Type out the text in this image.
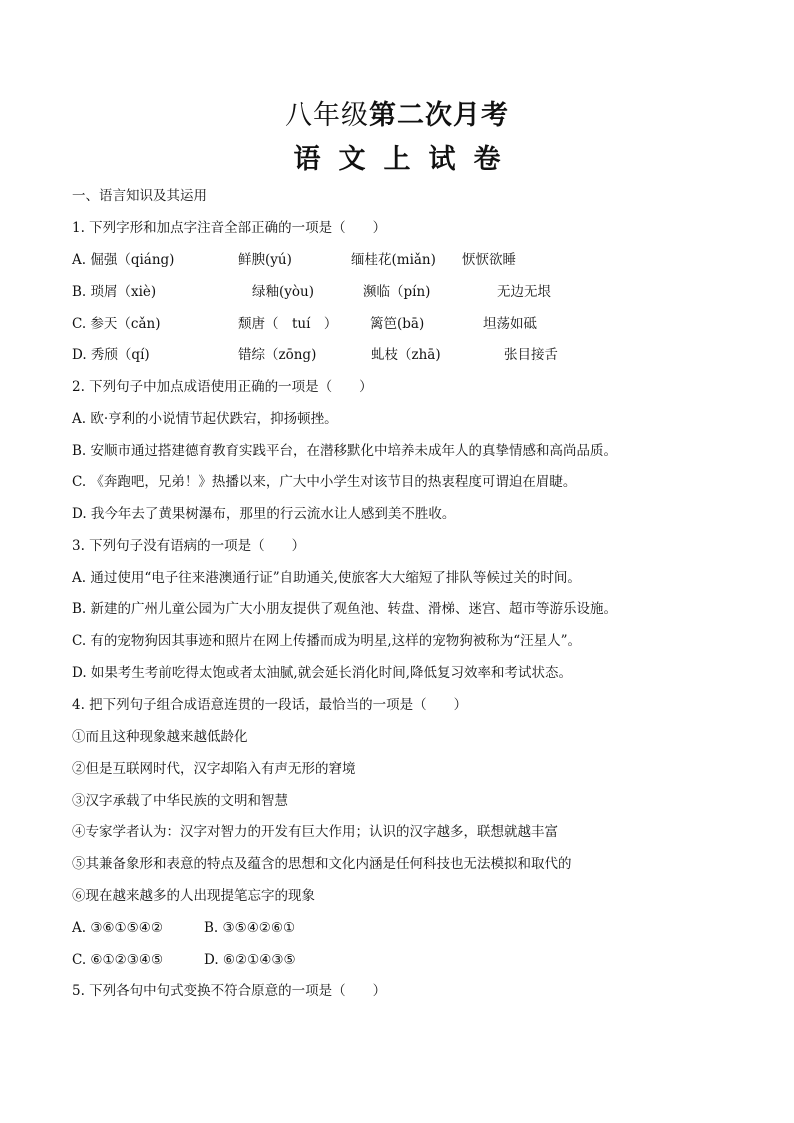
八年级第二次月考
语 文 上 试 卷
一、语言知识及其运用
1. 下列字形和加点字注音全部正确的一项是（　　）
A. 倔强（qiáng)	鲜腴(yú)	缅桂花(miǎn) 恹恹欲睡
B. 琐屑（xiè)	绿釉(yòu)	濒临（pín)	无边无垠
C. 参天（cǎn)	颓唐（　tuí　） 篱笆(bā)	坦荡如砥
D. 秀颀（qí)	错综（zōng)	虬枝（zhā)	张目接舌
2. 下列句子中加点成语使用正确的一项是（　　）
A. 欧·亨利的小说情节起伏跌宕，抑扬顿挫。
B. 安顺市通过搭建德育教育实践平台，在潜移默化中培养未成年人的真挚情感和高尚品质。
C. 《奔跑吧，兄弟！》热播以来，广大中小学生对该节目的热衷程度可谓迫在眉睫。
D. 我今年去了黄果树瀑布，那里的行云流水让人感到美不胜收。
3. 下列句子没有语病的一项是（　　）
A. 通过使用“电子往来港澳通行证”自助通关,使旅客大大缩短了排队等候过关的时间。
B. 新建的广州儿童公园为广大小朋友提供了观鱼池、转盘、滑梯、迷宫、超市等游乐设施。
C. 有的宠物狗因其事迹和照片在网上传播而成为明星,这样的宠物狗被称为“汪星人”。
D. 如果考生考前吃得太饱或者太油腻,就会延长消化时间,降低复习效率和考试状态。
4. 把下列句子组合成语意连贯的一段话，最恰当的一项是（　　）
①而且这种现象越来越低龄化
②但是互联网时代，汉字却陷入有声无形的窘境
③汉字承载了中华民族的文明和智慧
④专家学者认为：汉字对智力的开发有巨大作用；认识的汉字越多，联想就越丰富
⑤其兼备象形和表意的特点及蕴含的思想和文化内涵是任何科技也无法模拟和取代的
⑥现在越来越多的人出现提笔忘字的现象
A. ③⑥①⑤④②	B. ③⑤④②⑥①
C. ⑥①②③④⑤	D. ⑥②①④③⑤
5. 下列各句中句式变换不符合原意的一项是（　　）
